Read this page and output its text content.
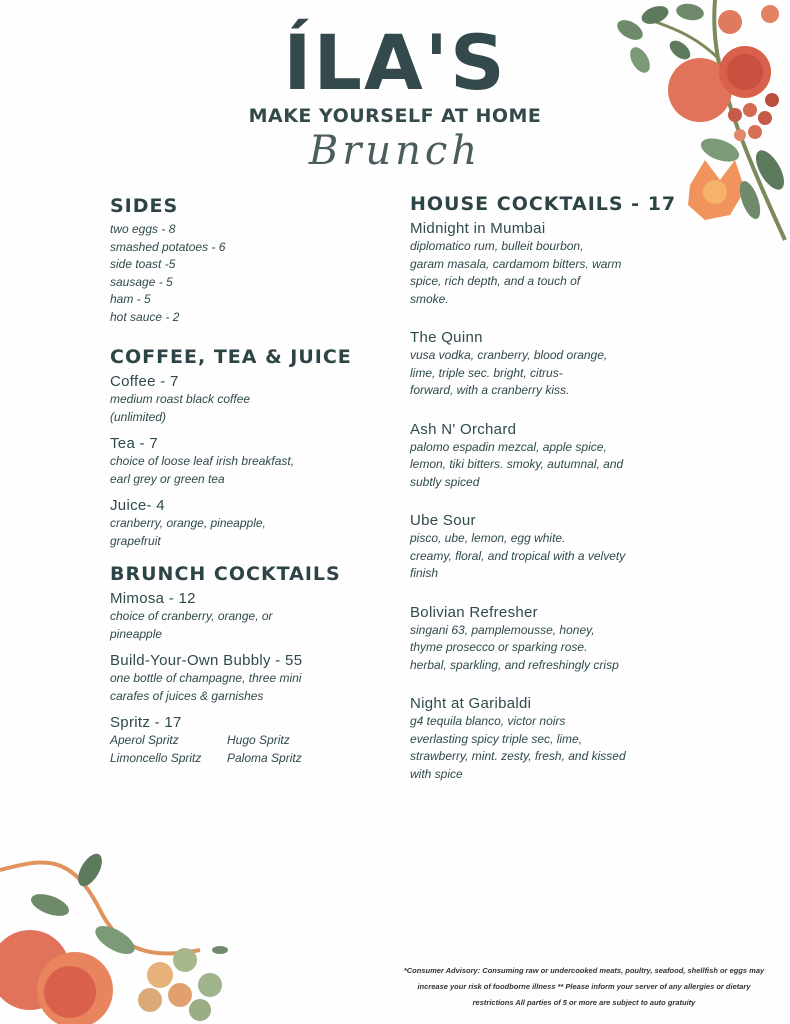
ÍLA'S
MAKE YOURSELF AT HOME
Brunch
SIDES

two eggs - 8

smashed potatoes - 6

side toast -5

sausage - 5

ham - 5

hot sauce - 2

COFFEE, TEA & JUICE

Coffee - 7

medium roast black coffee

(unlimited)

Tea - 7

choice of loose leaf irish breakfast,

earl grey or green tea

Juice- 4

cranberry, orange, pineapple,

grapefruit

BRUNCH COCKTAILS

Mimosa - 12

choice of cranberry, orange, or

pineapple

Build-Your-Own Bubbly - 55

one bottle of champagne, three mini

carafes of juices & garnishes

Spritz - 17

Aperol Spritz	Hugo Spritz
Limoncello Spritz	Paloma Spritz
HOUSE COCKTAILS - 17

Midnight in Mumbai

diplomatico rum, bulleit bourbon,

garam masala, cardamom bitters. warm

spice, rich depth, and a touch of

smoke.

The Quinn

vusa vodka, cranberry, blood orange,

lime, triple sec. bright, citrus-

forward, with a cranberry kiss.

Ash N' Orchard

palomo espadin mezcal, apple spice,

lemon, tiki bitters. smoky, autumnal, and

subtly spiced

Ube Sour

pisco, ube, lemon, egg white.

creamy, floral, and tropical with a velvety

finish

Bolivian Refresher

singani 63, pamplemousse, honey,

thyme prosecco or sparking rose.

herbal, sparkling, and refreshingly crisp

Night at Garibaldi

g4 tequila blanco, victor noirs

everlasting spicy triple sec, lime,

strawberry, mint. zesty, fresh, and kissed

with spice

*Consumer Advisory: Consuming raw or undercooked meats, poultry, seafood, shellfish or eggs may
increase your risk of foodborne illness ** Please inform your server of any allergies or dietary
restrictions All parties of 5 or more are subject to auto gratuity
